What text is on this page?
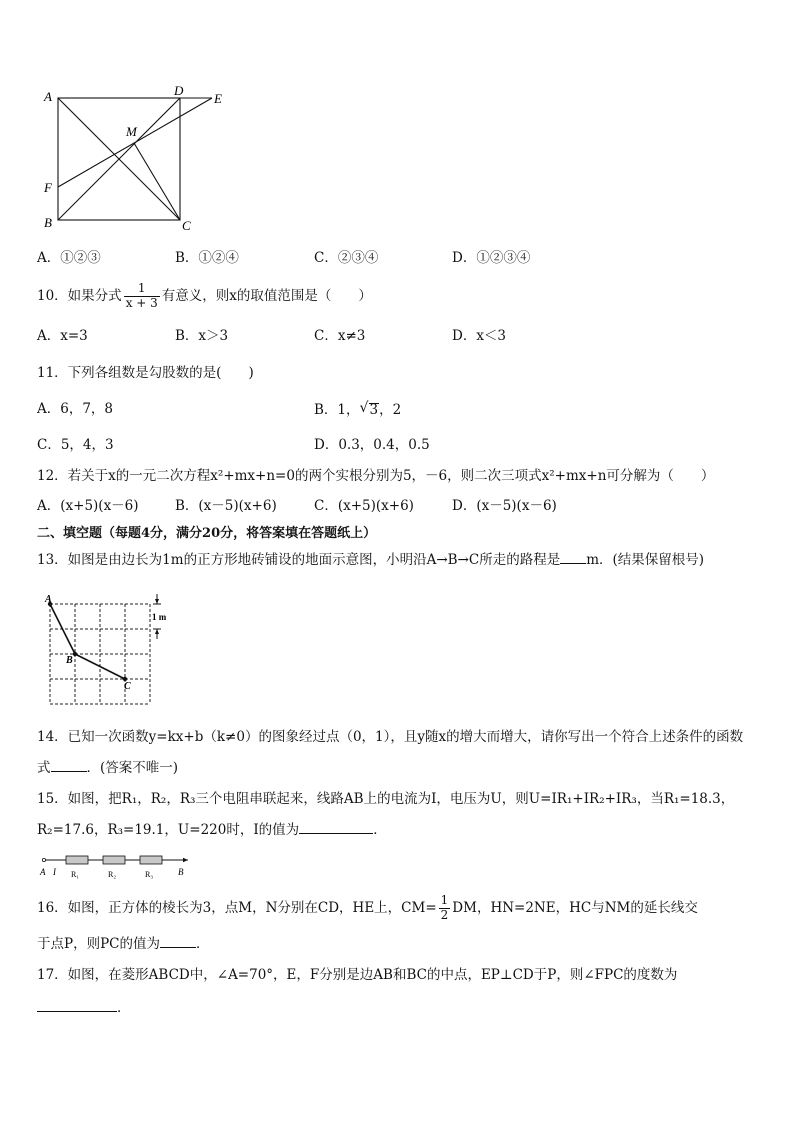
A	D
E
M
F
B	C
A．①②③	B．①②④	C．②③④	D．①②③④
10．如果分式 $\frac{1}{x + 3}$ 有意义，则x的取值范围是（　　）
A．x=3	B．x＞3	C．x≠3	D．x＜3
11．下列各组数是勾股数的是(　　)
A．6，7，8	B．1，√ 3，2
C．5，4，3	D．0.3，0.4，0.5
12．若关于x的一元二次方程x²+mx+n=0的两个实根分别为5，－6，则二次三项式x²+mx+n可分解为（　　）
A．(x+5)(x－6)	B．(x－5)(x+6)	C．(x+5)(x+6)	D．(x－5)(x－6)
二、填空题（每题4分，满分20分，将答案填在答题纸上）
13．如图是由边长为1m的正方形地砖铺设的地面示意图，小明沿A→B→C所走的路程是 m．(结果保留根号)
A
B
C
1 m
14．已知一次函数y=kx+b（k≠0）的图象经过点（0，1），且y随x的增大而增大，请你写出一个符合上述条件的函数
式	．(答案不唯一)
15．如图，把R₁，R₂，R₃三个电阻串联起来，线路AB上的电流为I，电压为U，则U=IR₁+IR₂+IR₃，当R₁=18.3，
R₂=17.6，R₃=19.1，U=220时，I的值为	．
A I R₁	R₂	R₃	B
16．如图，正方体的棱长为3，点M，N分别在CD，HE上，$CM= \frac{1}{2}$ DM，HN=2NE，HC与NM的延长线交
于点P，则PC的值为	．
17．如图，在菱形ABCD中，∠A=70°，E，F分别是边AB和BC的中点，EP⊥CD于P，则∠FPC的度数为
．
